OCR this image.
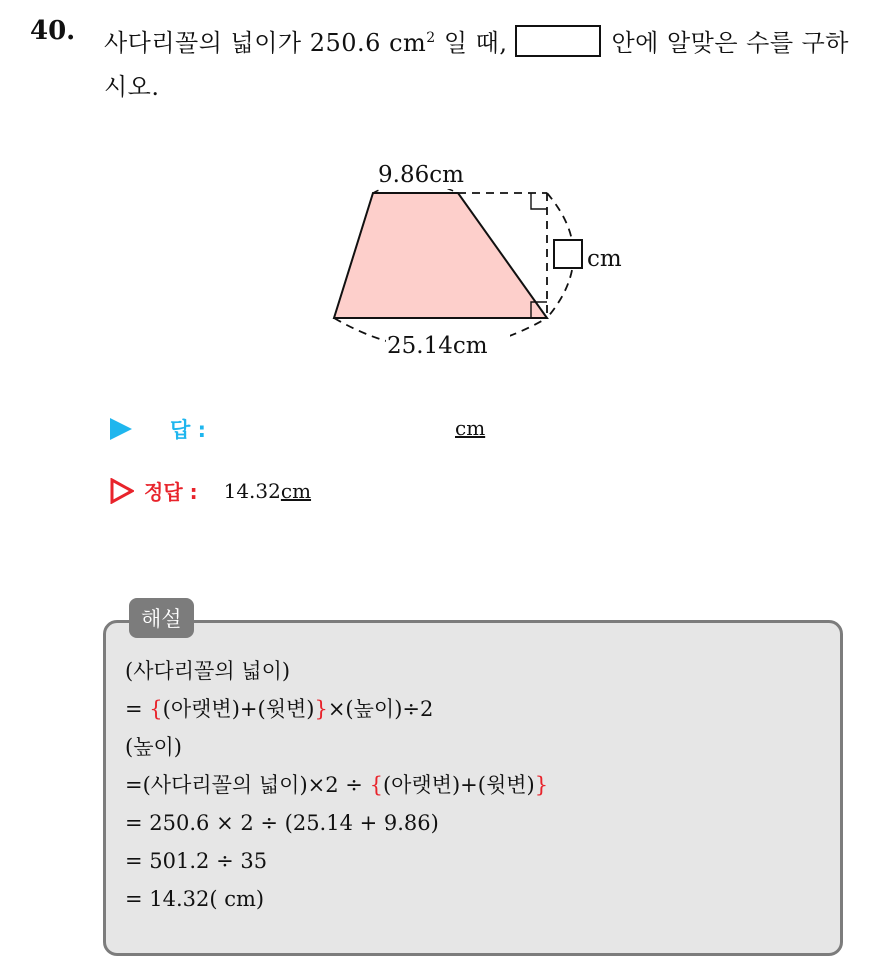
40. 사다리꼴의 넓이가 250.6 $cm^2$ 일 때,	안에 알맞은 수를 구하시오.
9.86cm
25.14cm
cm
답 :	cm
정답 : 14.32 cm
해설
(사다리꼴의 넓이)
= {(아랫변)+(윗변)}×(높이)÷2
(높이)
=(사다리꼴의 넓이)×2 ÷ {(아랫변)+(윗변)}
= 250.6 × 2 ÷ (25.14 + 9.86)
= 501.2 ÷ 35
= 14.32( cm)
